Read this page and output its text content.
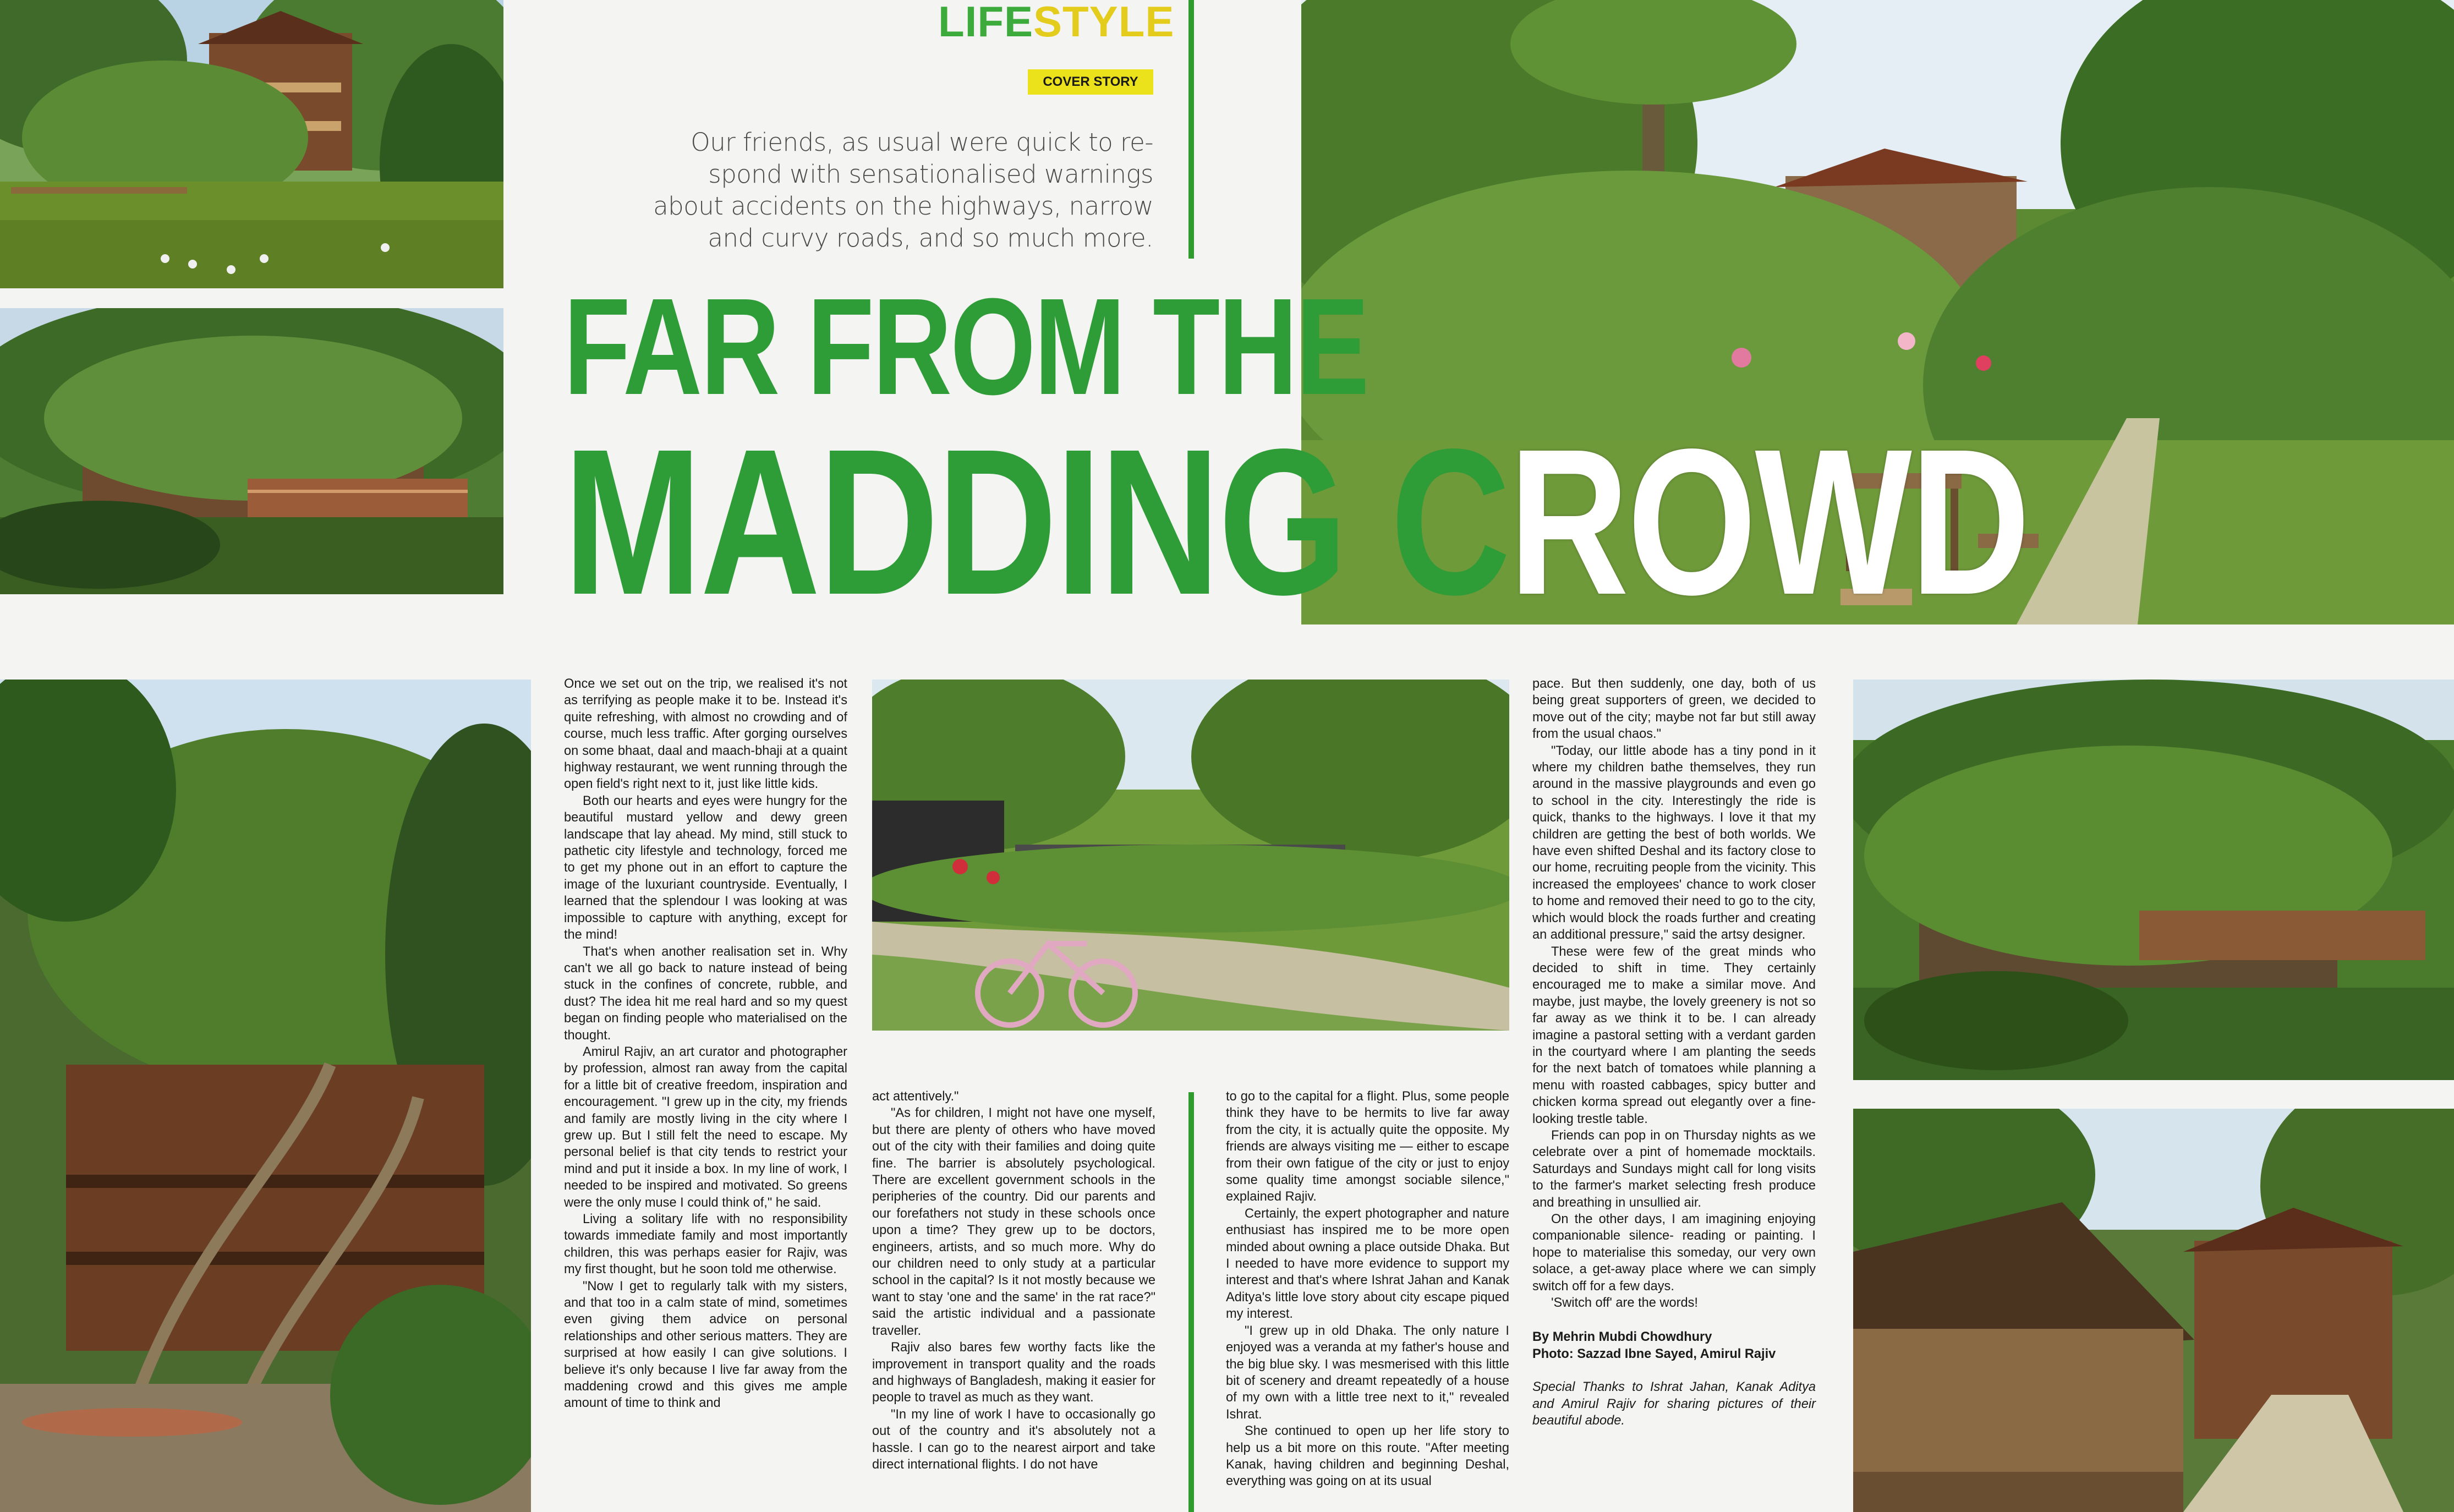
LIFESTYLE
COVER STORY
Our friends, as usual were quick to re-spond with sensationalised warnings about accidents on the highways, narrow and curvy roads, and so much more.
FAR FROM THE
MADDING CROWD

Once we set out on the trip, we realised it's not as terrifying as people make it to be. Instead it's quite refreshing, with almost no crowding and of course, much less traffic. After gorging ourselves on some bhaat, daal and maach-bhaji at a quaint highway restaurant, we went running through the open field's right next to it, just like little kids.

Both our hearts and eyes were hungry for the beautiful mustard yellow and dewy green landscape that lay ahead. My mind, still stuck to pathetic city lifestyle and technology, forced me to get my phone out in an effort to capture the image of the luxuriant countryside. Eventually, I learned that the splendour I was looking at was impossible to capture with anything, except for the mind!

That's when another realisation set in. Why can't we all go back to nature instead of being stuck in the confines of concrete, rubble, and dust? The idea hit me real hard and so my quest began on finding people who materialised on the thought.

Amirul Rajiv, an art curator and photographer by profession, almost ran away from the capital for a little bit of creative freedom, inspiration and encouragement. "I grew up in the city, my friends and family are mostly living in the city where I grew up. But I still felt the need to escape. My personal belief is that city tends to restrict your mind and put it inside a box. In my line of work, I needed to be inspired and motivated. So greens were the only muse I could think of," he said.

Living a solitary life with no responsibility towards immediate family and most importantly children, this was perhaps easier for Rajiv, was my first thought, but he soon told me otherwise.

"Now I get to regularly talk with my sisters, and that too in a calm state of mind, sometimes even giving them advice on personal relationships and other serious matters. They are surprised at how easily I can give solutions. I believe it's only because I live far away from the maddening crowd and this gives me ample amount of time to think and

act attentively."

"As for children, I might not have one myself, but there are plenty of others who have moved out of the city with their families and doing quite fine. The barrier is absolutely psychological. There are excellent government schools in the peripheries of the country. Did our parents and our forefathers not study in these schools once upon a time? They grew up to be doctors, engineers, artists, and so much more. Why do our children need to only study at a particular school in the capital? Is it not mostly because we want to stay 'one and the same' in the rat race?" said the artistic individual and a passionate traveller.

Rajiv also bares few worthy facts like the improvement in transport quality and the roads and highways of Bangladesh, making it easier for people to travel as much as they want.

"In my line of work I have to occasionally go out of the country and it's absolutely not a hassle. I can go to the nearest airport and take direct international flights. I do not have

to go to the capital for a flight. Plus, some people think they have to be hermits to live far away from the city, it is actually quite the opposite. My friends are always visiting me — either to escape from their own fatigue of the city or just to enjoy some quality time amongst sociable silence," explained Rajiv.

Certainly, the expert photographer and nature enthusiast has inspired me to be more open minded about owning a place outside Dhaka. But I needed to have more evidence to support my interest and that's where Ishrat Jahan and Kanak Aditya's little love story about city escape piqued my interest.

"I grew up in old Dhaka. The only nature I enjoyed was a veranda at my father's house and the big blue sky. I was mesmerised with this little bit of scenery and dreamt repeatedly of a house of my own with a little tree next to it," revealed Ishrat.

She continued to open up her life story to help us a bit more on this route. "After meeting Kanak, having children and beginning Deshal, everything was going on at its usual

pace. But then suddenly, one day, both of us being great supporters of green, we decided to move out of the city; maybe not far but still away from the usual chaos."

"Today, our little abode has a tiny pond in it where my children bathe themselves, they run around in the massive playgrounds and even go to school in the city. Interestingly the ride is quick, thanks to the highways. I love it that my children are getting the best of both worlds. We have even shifted Deshal and its factory close to our home, recruiting people from the vicinity. This increased the employees' chance to work closer to home and removed their need to go to the city, which would block the roads further and creating an additional pressure," said the artsy designer.

These were few of the great minds who decided to shift in time. They certainly encouraged me to make a similar move. And maybe, just maybe, the lovely greenery is not so far away as we think it to be. I can already imagine a pastoral setting with a verdant garden in the courtyard where I am planting the seeds for the next batch of tomatoes while planning a menu with roasted cabbages, spicy butter and chicken korma spread out elegantly over a fine-looking trestle table.

Friends can pop in on Thursday nights as we celebrate over a pint of homemade mocktails. Saturdays and Sundays might call for long visits to the farmer's market selecting fresh produce and breathing in unsullied air.

On the other days, I am imagining enjoying companionable silence- reading or painting. I hope to materialise this someday, our very own solace, a get-away place where we can simply switch off for a few days.

'Switch off' are the words!

By Mehrin Mubdi Chowdhury

Photo: Sazzad Ibne Sayed, Amirul Rajiv

Special Thanks to Ishrat Jahan, Kanak Aditya and Amirul Rajiv for sharing pictures of their beautiful abode.
